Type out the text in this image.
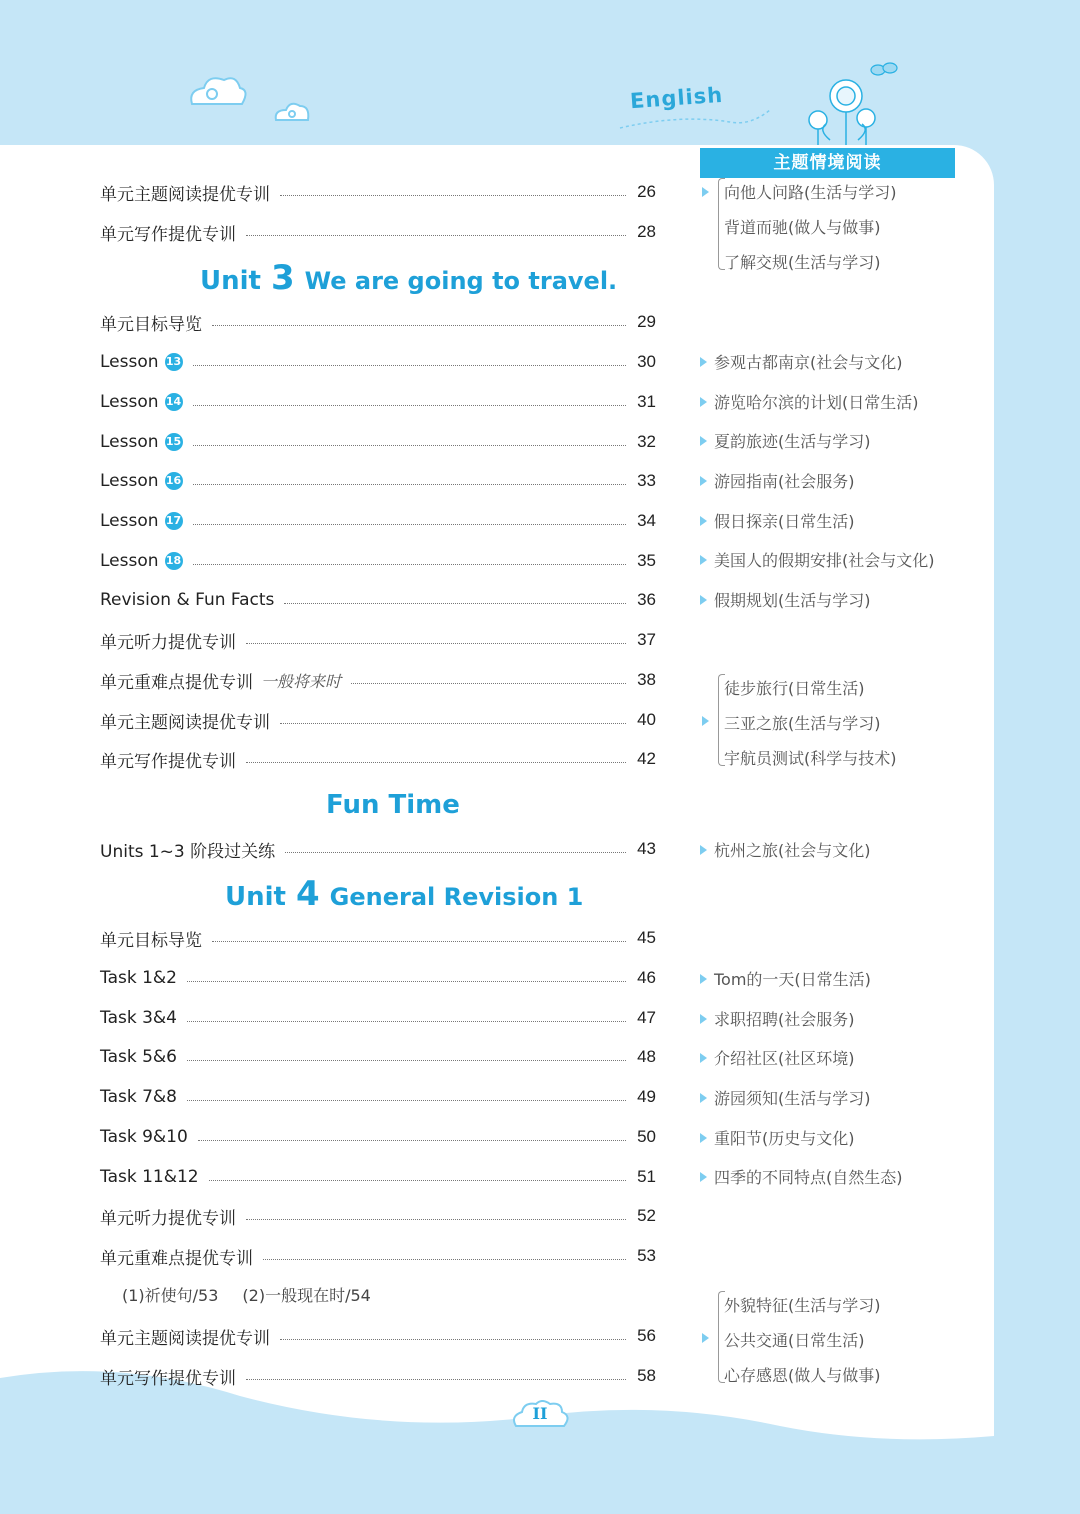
English
主题情境阅读
单元主题阅读提优专训	26
单元写作提优专训	28
Unit 3 We are going to travel.
单元目标导览	29
Lesson 13	30
Lesson 14	31
Lesson 15	32
Lesson 16	33
Lesson 17	34
Lesson 18	35
Revision & Fun Facts	36
单元听力提优专训	37
单元重难点提优专训 一般将来时	38
单元主题阅读提优专训	40
单元写作提优专训	42
Fun Time
Units 1~3 阶段过关练	43
Unit 4 General Revision 1
单元目标导览	45
Task 1&2	46
Task 3&4	47
Task 5&6	48
Task 7&8	49
Task 9&10	50
Task 11&12	51
单元听力提优专训	52
单元重难点提优专训	53
(1)祈使句/53 (2)一般现在时/54
单元主题阅读提优专训	56
单元写作提优专训	58
向他人问路(生活与学习)
背道而驰(做人与做事)
了解交规(生活与学习)
参观古都南京(社会与文化)
游览哈尔滨的计划(日常生活)
夏韵旅迹(生活与学习)
游园指南(社会服务)
假日探亲(日常生活)
美国人的假期安排(社会与文化)
假期规划(生活与学习)
徒步旅行(日常生活)
三亚之旅(生活与学习)
宇航员测试(科学与技术)
杭州之旅(社会与文化)
Tom的一天(日常生活)
求职招聘(社会服务)
介绍社区(社区环境)
游园须知(生活与学习)
重阳节(历史与文化)
四季的不同特点(自然生态)
外貌特征(生活与学习)
公共交通(日常生活)
心存感恩(做人与做事)
II
